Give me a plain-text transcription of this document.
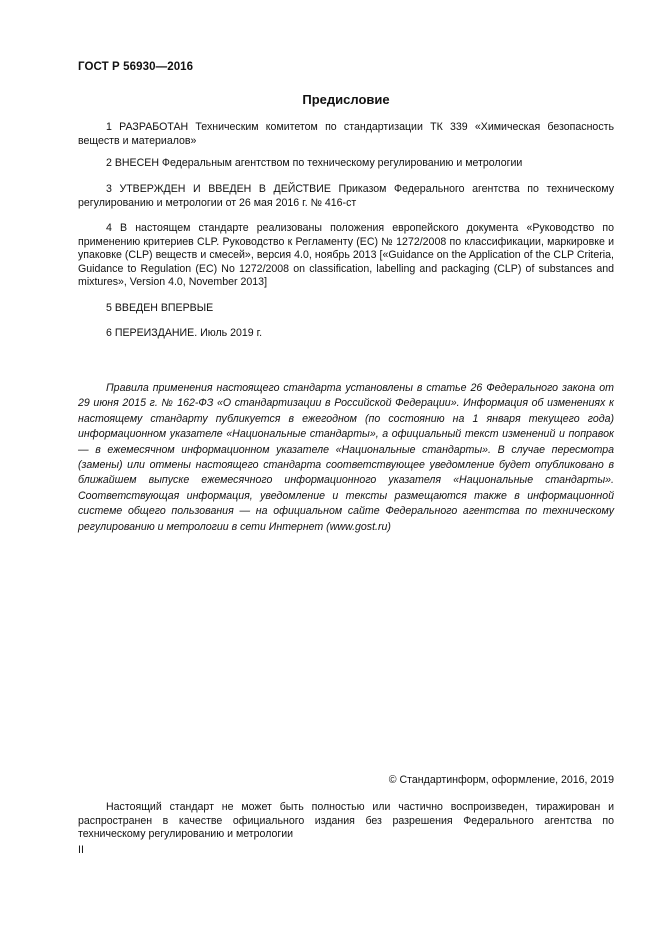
ГОСТ Р 56930—2016
Предисловие

1 РАЗРАБОТАН Техническим комитетом по стандартизации ТК 339 «Химическая безопасность веществ и материалов»

2 ВНЕСЕН Федеральным агентством по техническому регулированию и метрологии

3 УТВЕРЖДЕН И ВВЕДЕН В ДЕЙСТВИЕ Приказом Федерального агентства по техническому регулированию и метрологии от 26 мая 2016 г. № 416-ст

4 В настоящем стандарте реализованы положения европейского документа «Руководство по применению критериев CLP. Руководство к Регламенту (ЕС) № 1272/2008 по классификации, маркировке и упаковке (CLP) веществ и смесей», версия 4.0, ноябрь 2013 [«Guidance on the Application of the CLP Criteria, Guidance to Regulation (EC) No 1272/2008 on classification, labelling and packaging (CLP) of substances and mixtures», Version 4.0, November 2013]

5 ВВЕДЕН ВПЕРВЫЕ

6 ПЕРЕИЗДАНИЕ. Июль 2019 г.

Правила применения настоящего стандарта установлены в статье 26 Федерального закона от 29 июня 2015 г. № 162-ФЗ «О стандартизации в Российской Федерации». Информация об изменениях к настоящему стандарту публикуется в ежегодном (по состоянию на 1 января текущего года) информационном указателе «Национальные стандарты», а официальный текст изменений и поправок — в ежемесячном информационном указателе «Национальные стандарты». В случае пересмотра (замены) или отмены настоящего стандарта соответствующее уведомление будет опубликовано в ближайшем выпуске ежемесячного информационного указателя «Национальные стандарты». Соответствующая информация, уведомление и тексты размещаются также в информационной системе общего пользования — на официальном сайте Федерального агентства по техническому регулированию и метрологии в сети Интернет (www.gost.ru)

© Стандартинформ, оформление, 2016, 2019

Настоящий стандарт не может быть полностью или частично воспроизведен, тиражирован и распространен в качестве официального издания без разрешения Федерального агентства по техническому регулированию и метрологии

II
